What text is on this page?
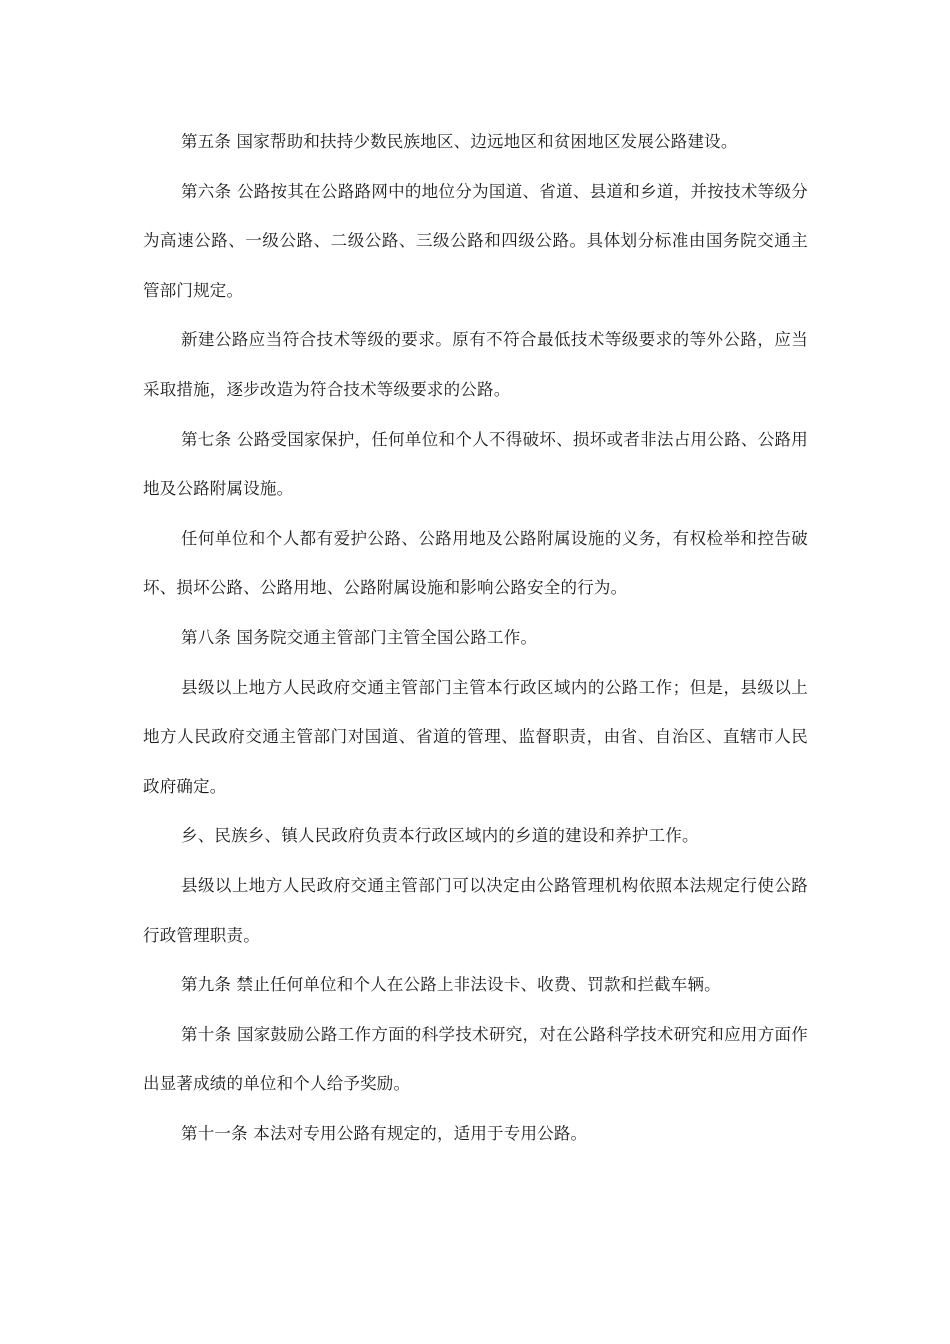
第五条 国家帮助和扶持少数民族地区、边远地区和贫困地区发展公路建设。

第六条 公路按其在公路路网中的地位分为国道、省道、县道和乡道，并按技术等级分为高速公路、一级公路、二级公路、三级公路和四级公路。具体划分标准由国务院交通主管部门规定。

新建公路应当符合技术等级的要求。原有不符合最低技术等级要求的等外公路，应当采取措施，逐步改造为符合技术等级要求的公路。

第七条 公路受国家保护，任何单位和个人不得破坏、损坏或者非法占用公路、公路用地及公路附属设施。

任何单位和个人都有爱护公路、公路用地及公路附属设施的义务，有权检举和控告破坏、损坏公路、公路用地、公路附属设施和影响公路安全的行为。

第八条 国务院交通主管部门主管全国公路工作。

县级以上地方人民政府交通主管部门主管本行政区域内的公路工作；但是，县级以上地方人民政府交通主管部门对国道、省道的管理、监督职责，由省、自治区、直辖市人民政府确定。

乡、民族乡、镇人民政府负责本行政区域内的乡道的建设和养护工作。

县级以上地方人民政府交通主管部门可以决定由公路管理机构依照本法规定行使公路行政管理职责。

第九条 禁止任何单位和个人在公路上非法设卡、收费、罚款和拦截车辆。

第十条 国家鼓励公路工作方面的科学技术研究，对在公路科学技术研究和应用方面作出显著成绩的单位和个人给予奖励。

第十一条 本法对专用公路有规定的，适用于专用公路。
